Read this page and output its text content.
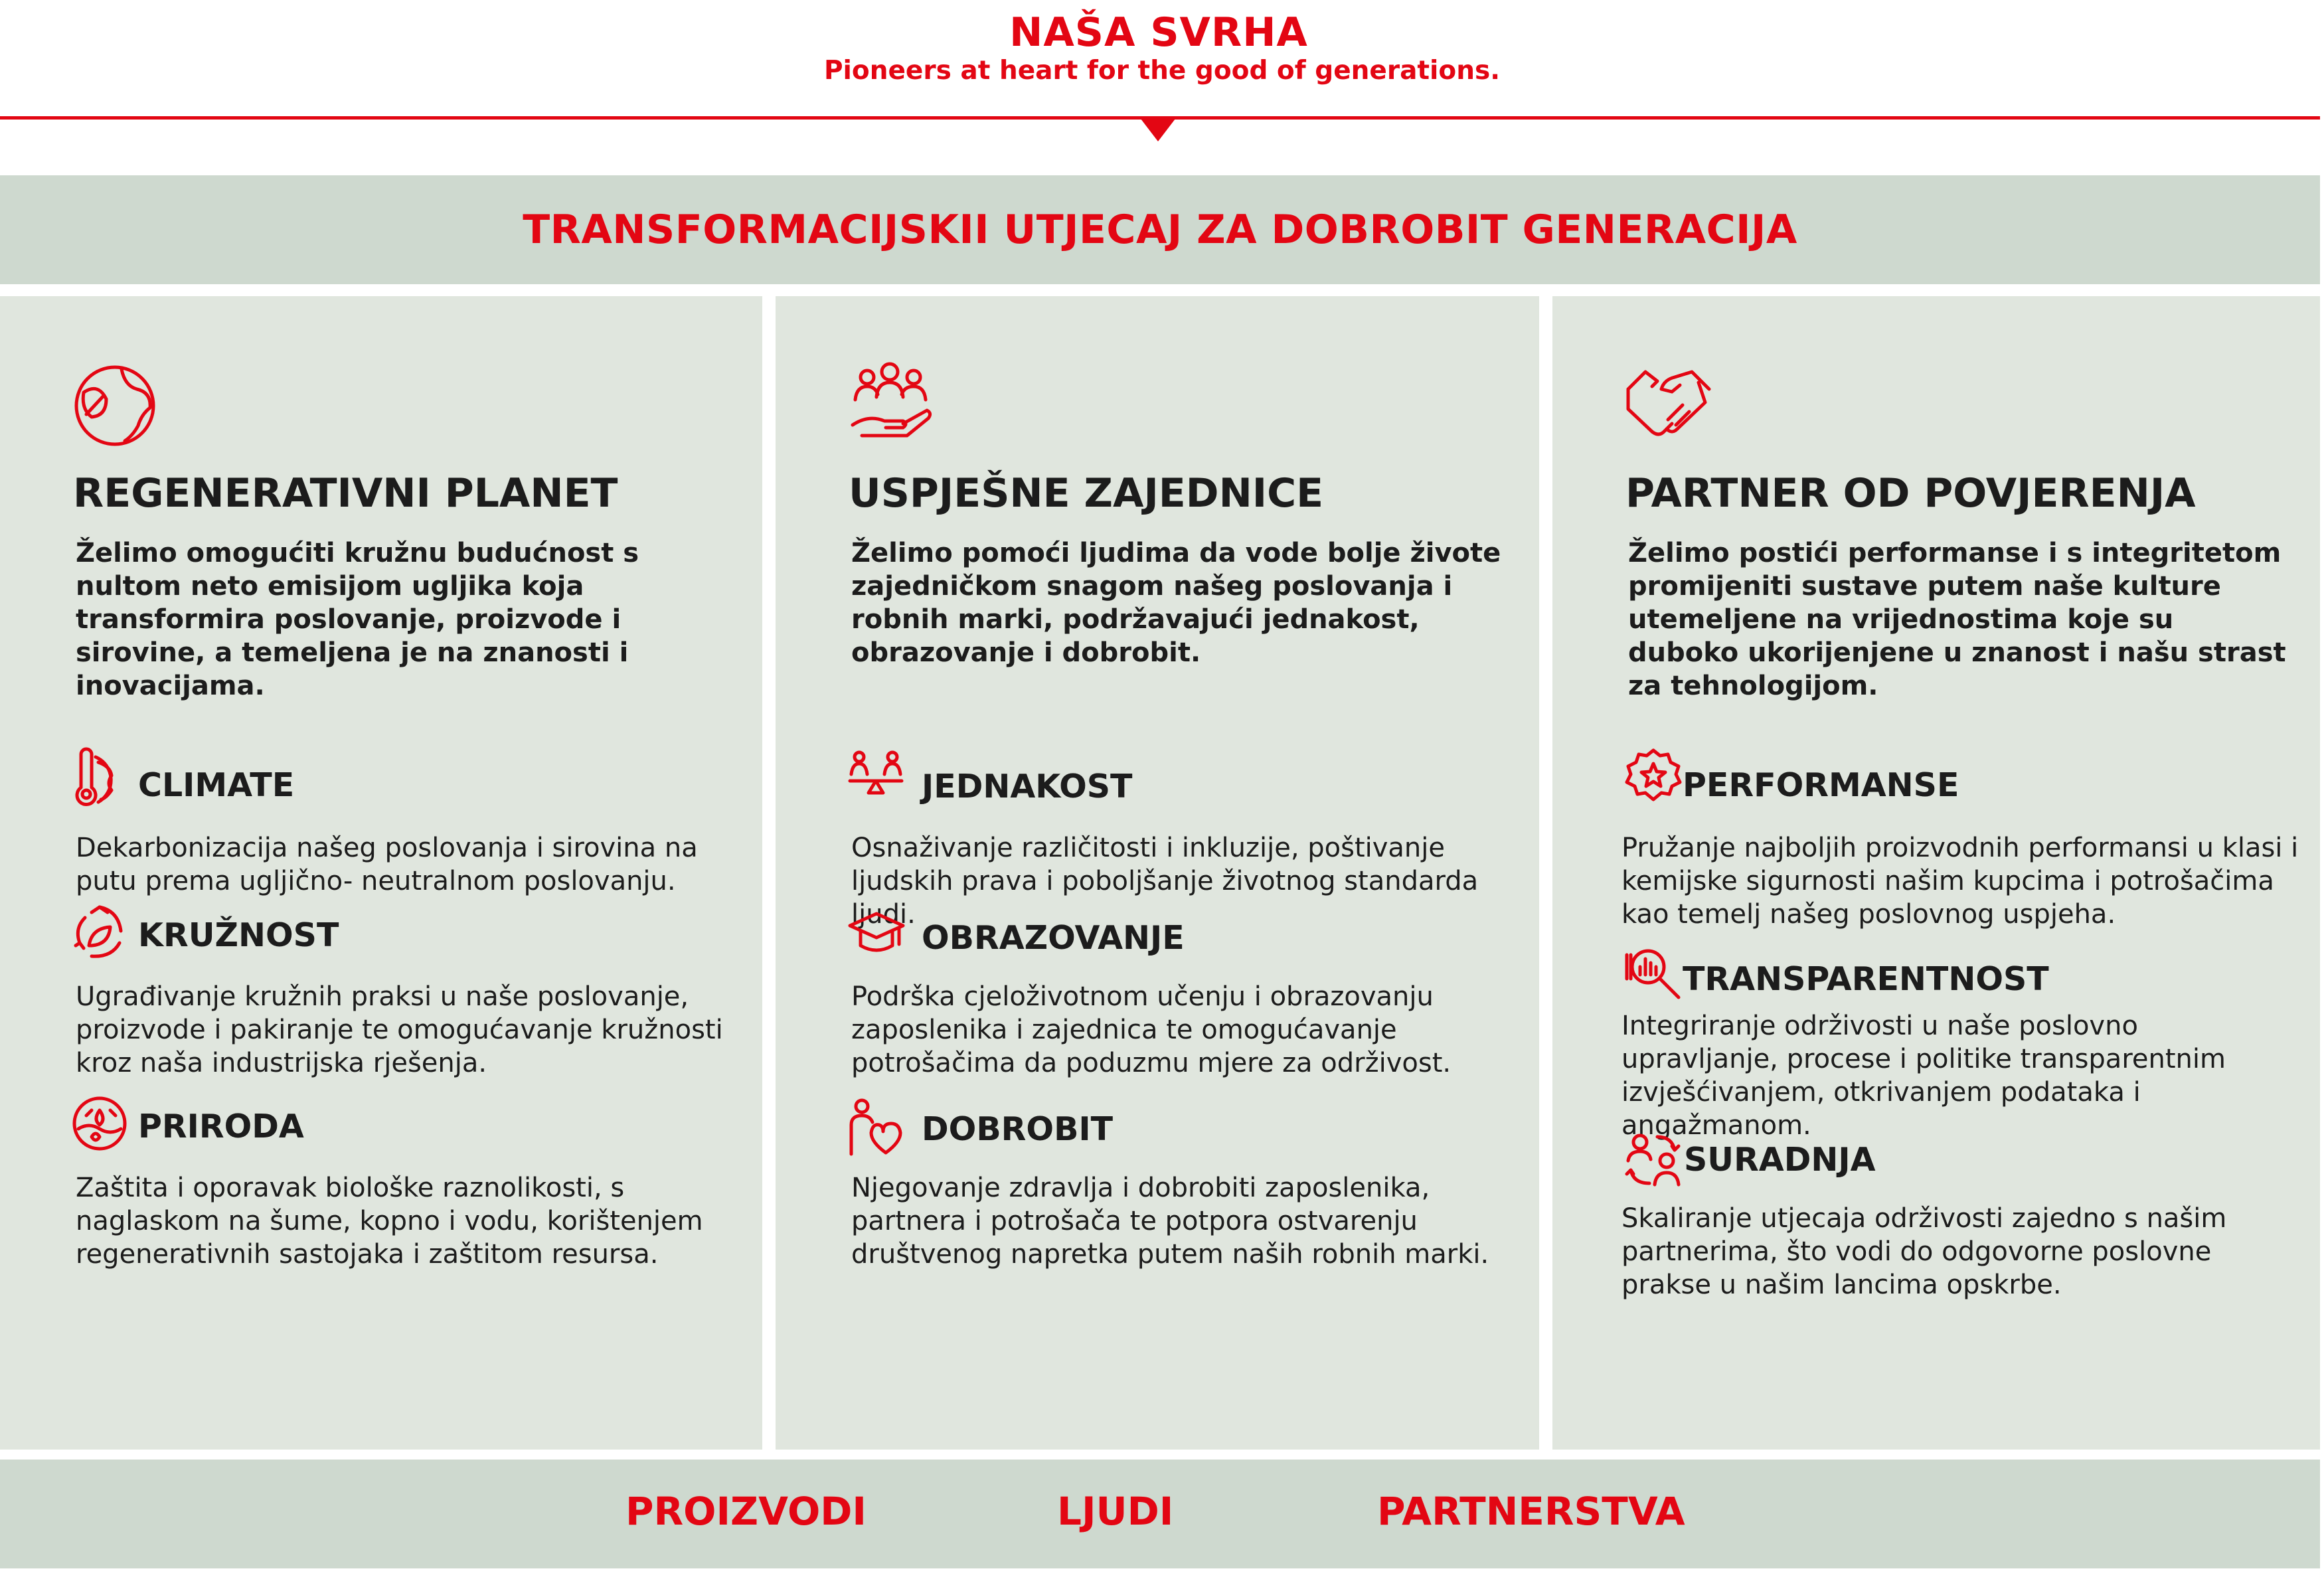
NAŠA SVRHA
Pioneers at heart for the good of generations.
TRANSFORMACIJSKII UTJECAJ ZA DOBROBIT GENERACIJA
REGENERATIVNI PLANET
Želimo omogućiti kružnu budućnost s nultom neto emisijom ugljika koja transformira poslovanje, proizvode i sirovine, a temeljena je na znanosti i inovacijama.
CLIMATE
Dekarbonizacija našeg poslovanja i sirovina na putu prema ugljično- neutralnom poslovanju.
KRUŽNOST
Ugrađivanje kružnih praksi u naše poslovanje, proizvode i pakiranje te omogućavanje kružnosti kroz naša industrijska rješenja.
PRIRODA
Zaštita i oporavak biološke raznolikosti, s naglaskom na šume, kopno i vodu, korištenjem regenerativnih sastojaka i zaštitom resursa.
USPJEŠNE ZAJEDNICE
Želimo pomoći ljudima da vode bolje živote zajedničkom snagom našeg poslovanja i robnih marki, podržavajući jednakost, obrazovanje i dobrobit.
JEDNAKOST
Osnaživanje različitosti i inkluzije, poštivanje ljudskih prava i poboljšanje životnog standarda ljudi.
OBRAZOVANJE
Podrška cjeloživotnom učenju i obrazovanju zaposlenika i zajednica te omogućavanje potrošačima da poduzmu mjere za održivost.
DOBROBIT
Njegovanje zdravlja i dobrobiti zaposlenika, partnera i potrošača te potpora ostvarenju društvenog napretka putem naših robnih marki.
PARTNER OD POVJERENJA
Želimo postići performanse i s integritetom promijeniti sustave putem naše kulture utemeljene na vrijednostima koje su duboko ukorijenjene u znanost i našu strast za tehnologijom.
PERFORMANSE
Pružanje najboljih proizvodnih performansi u klasi i kemijske sigurnosti našim kupcima i potrošačima kao temelj našeg poslovnog uspjeha.
TRANSPARENTNOST
Integriranje održivosti u naše poslovno upravljanje, procese i politike transparentnim izvješćivanjem, otkrivanjem podataka i angažmanom.
SURADNJA
Skaliranje utjecaja održivosti zajedno s našim partnerima, što vodi do odgovorne poslovne prakse u našim lancima opskrbe.
PROIZVODI	LJUDI	PARTNERSTVA
